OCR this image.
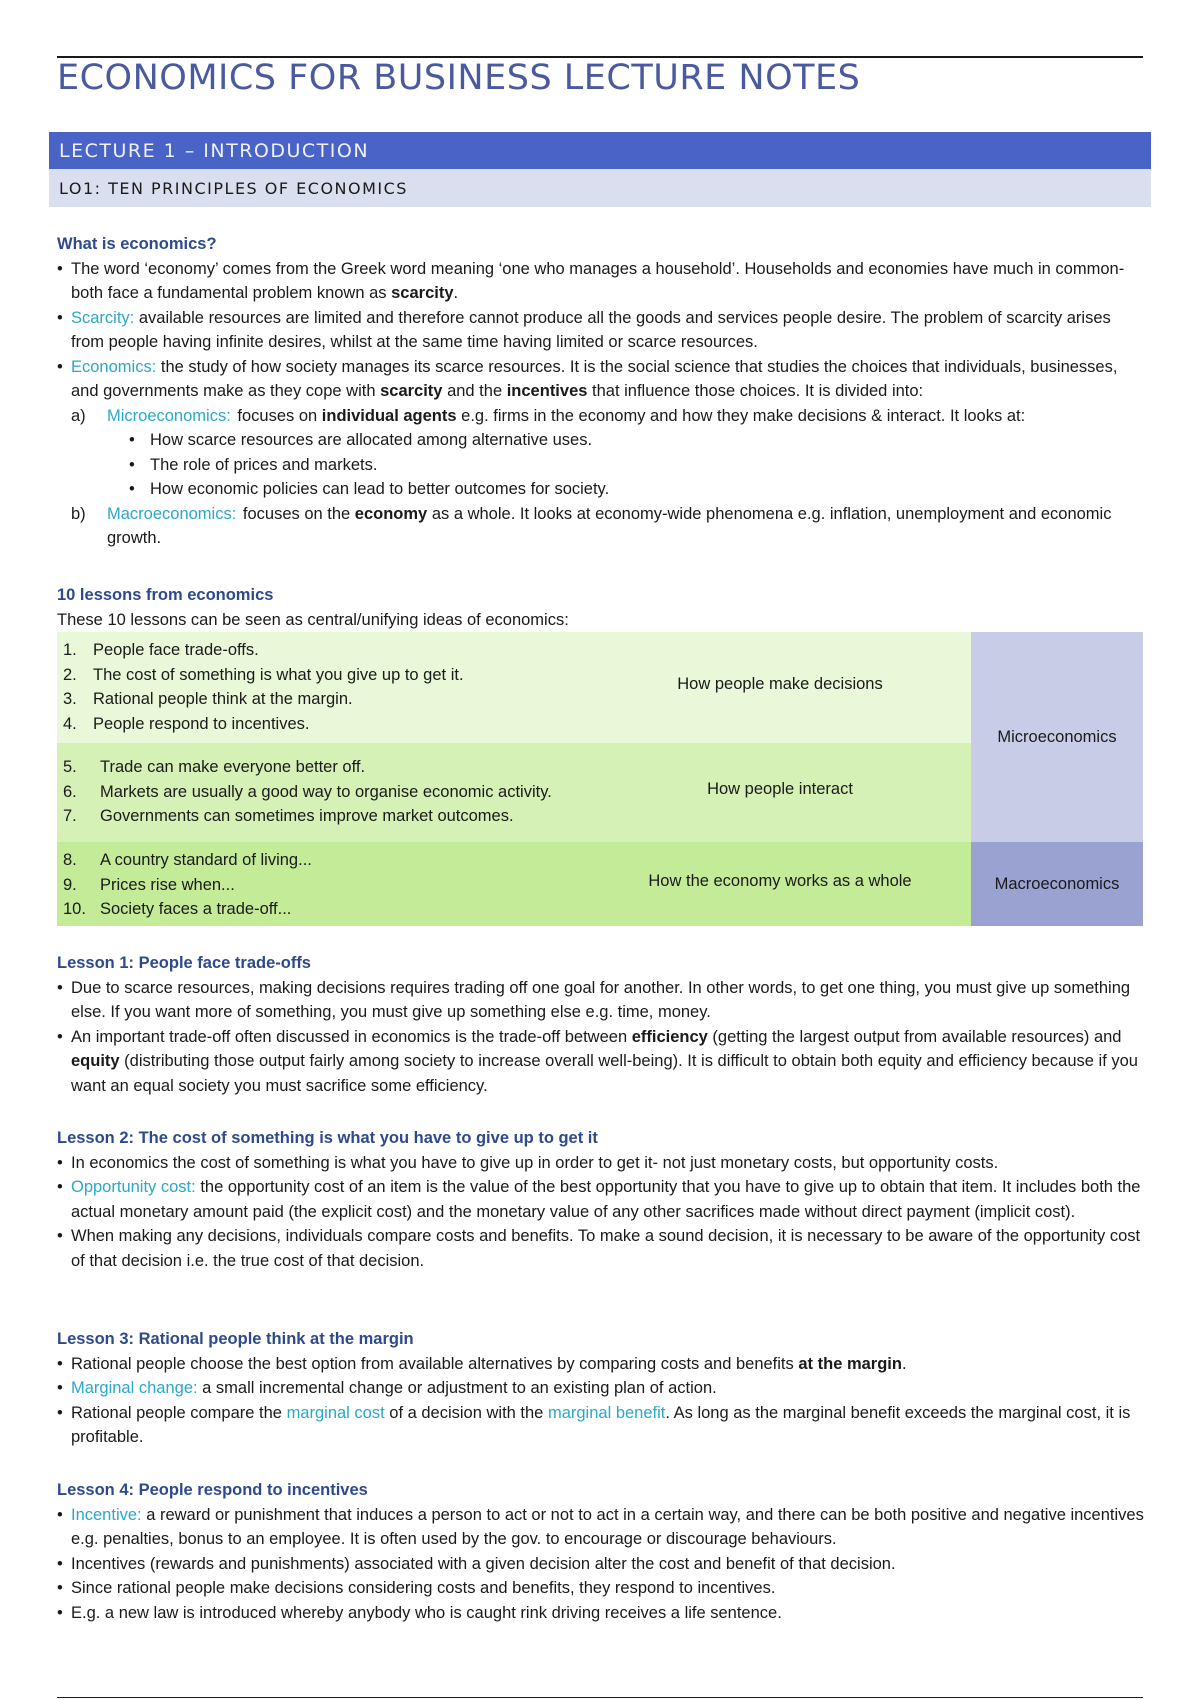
ECONOMICS FOR BUSINESS LECTURE NOTES
LECTURE 1 – INTRODUCTION
LO1: TEN PRINCIPLES OF ECONOMICS
What is economics?
• The word ‘economy’ comes from the Greek word meaning ‘one who manages a household’. Households and economies have much in common- both face a fundamental problem known as scarcity.
• Scarcity: available resources are limited and therefore cannot produce all the goods and services people desire. The problem of scarcity arises from people having infinite desires, whilst at the same time having limited or scarce resources.
• Economics: the study of how society manages its scarce resources. It is the social science that studies the choices that individuals, businesses, and governments make as they cope with scarcity and the incentives that influence those choices. It is divided into:
a) Microeconomics: focuses on individual agents e.g. firms in the economy and how they make decisions & interact. It looks at:
• How scarce resources are allocated among alternative uses.
• The role of prices and markets.
• How economic policies can lead to better outcomes for society.
b) Macroeconomics: focuses on the economy as a whole. It looks at economy-wide phenomena e.g. inflation, unemployment and economic growth.
10 lessons from economics
These 10 lessons can be seen as central/unifying ideas of economics:
1. People face trade-offs.
2. The cost of something is what you give up to get it.
3. Rational people think at the margin.
4. People respond to incentives.
How people make decisions
5. Trade can make everyone better off.
6. Markets are usually a good way to organise economic activity.
7. Governments can sometimes improve market outcomes.
How people interact
8. A country standard of living...
9. Prices rise when...
10. Society faces a trade-off...
How the economy works as a whole
Microeconomics
Macroeconomics
Lesson 1: People face trade-offs
• Due to scarce resources, making decisions requires trading off one goal for another. In other words, to get one thing, you must give up something else. If you want more of something, you must give up something else e.g. time, money.
• An important trade-off often discussed in economics is the trade-off between efficiency (getting the largest output from available resources) and equity (distributing those output fairly among society to increase overall well-being). It is difficult to obtain both equity and efficiency because if you want an equal society you must sacrifice some efficiency.
Lesson 2: The cost of something is what you have to give up to get it
• In economics the cost of something is what you have to give up in order to get it- not just monetary costs, but opportunity costs.
• Opportunity cost: the opportunity cost of an item is the value of the best opportunity that you have to give up to obtain that item. It includes both the actual monetary amount paid (the explicit cost) and the monetary value of any other sacrifices made without direct payment (implicit cost).
• When making any decisions, individuals compare costs and benefits. To make a sound decision, it is necessary to be aware of the opportunity cost of that decision i.e. the true cost of that decision.
Lesson 3: Rational people think at the margin
• Rational people choose the best option from available alternatives by comparing costs and benefits at the margin.
• Marginal change: a small incremental change or adjustment to an existing plan of action.
• Rational people compare the marginal cost of a decision with the marginal benefit. As long as the marginal benefit exceeds the marginal cost, it is profitable.
Lesson 4: People respond to incentives
• Incentive: a reward or punishment that induces a person to act or not to act in a certain way, and there can be both positive and negative incentives e.g. penalties, bonus to an employee. It is often used by the gov. to encourage or discourage behaviours.
• Incentives (rewards and punishments) associated with a given decision alter the cost and benefit of that decision.
• Since rational people make decisions considering costs and benefits, they respond to incentives.
• E.g. a new law is introduced whereby anybody who is caught rink driving receives a life sentence.
